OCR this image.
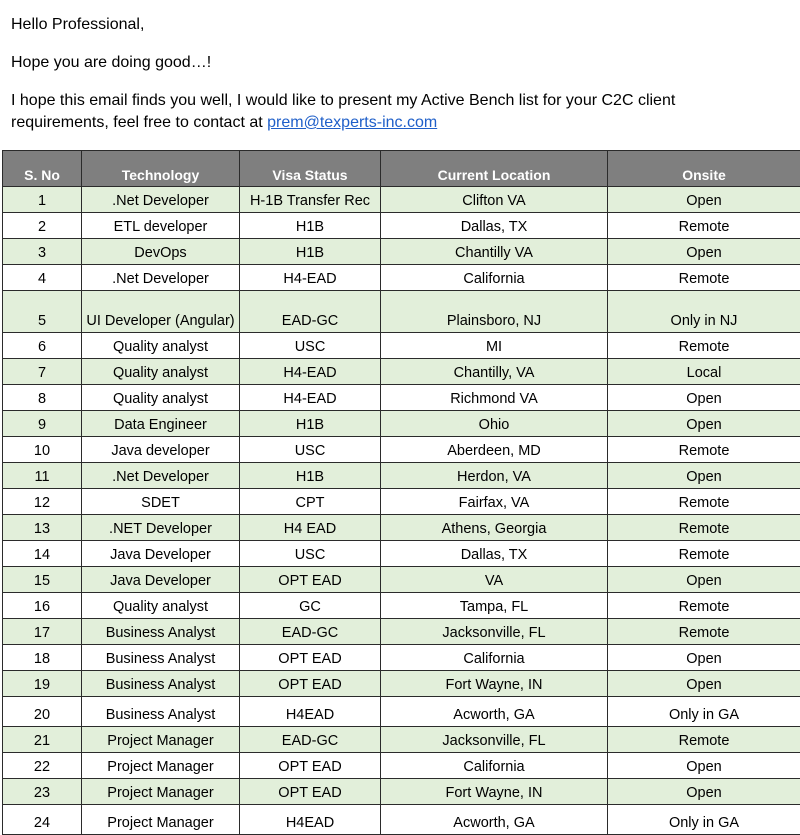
Hello Professional,

Hope you are doing good…!

I hope this email finds you well, I would like to present my Active Bench list for your C2C client requirements, feel free to contact at prem@texperts-inc.com

S. No	Technology	Visa Status	Current Location	Onsite
1	.Net Developer	H-1B Transfer Rec	Clifton VA	Open
2	ETL developer	H1B	Dallas, TX	Remote
3	DevOps	H1B	Chantilly VA	Open
4	.Net Developer	H4-EAD	California	Remote
5	UI Developer (Angular)	EAD-GC	Plainsboro, NJ	Only in NJ
6	Quality analyst	USC	MI	Remote
7	Quality analyst	H4-EAD	Chantilly, VA	Local
8	Quality analyst	H4-EAD	Richmond VA	Open
9	Data Engineer	H1B	Ohio	Open
10	Java developer	USC	Aberdeen, MD	Remote
11	.Net Developer	H1B	Herdon, VA	Open
12	SDET	CPT	Fairfax, VA	Remote
13	.NET Developer	H4 EAD	Athens, Georgia	Remote
14	Java Developer	USC	Dallas, TX	Remote
15	Java Developer	OPT EAD	VA	Open
16	Quality analyst	GC	Tampa, FL	Remote
17	Business Analyst	EAD-GC	Jacksonville, FL	Remote
18	Business Analyst	OPT EAD	California	Open
19	Business Analyst	OPT EAD	Fort Wayne, IN	Open
20	Business Analyst	H4EAD	Acworth, GA	Only in GA
21	Project Manager	EAD-GC	Jacksonville, FL	Remote
22	Project Manager	OPT EAD	California	Open
23	Project Manager	OPT EAD	Fort Wayne, IN	Open
24	Project Manager	H4EAD	Acworth, GA	Only in GA
